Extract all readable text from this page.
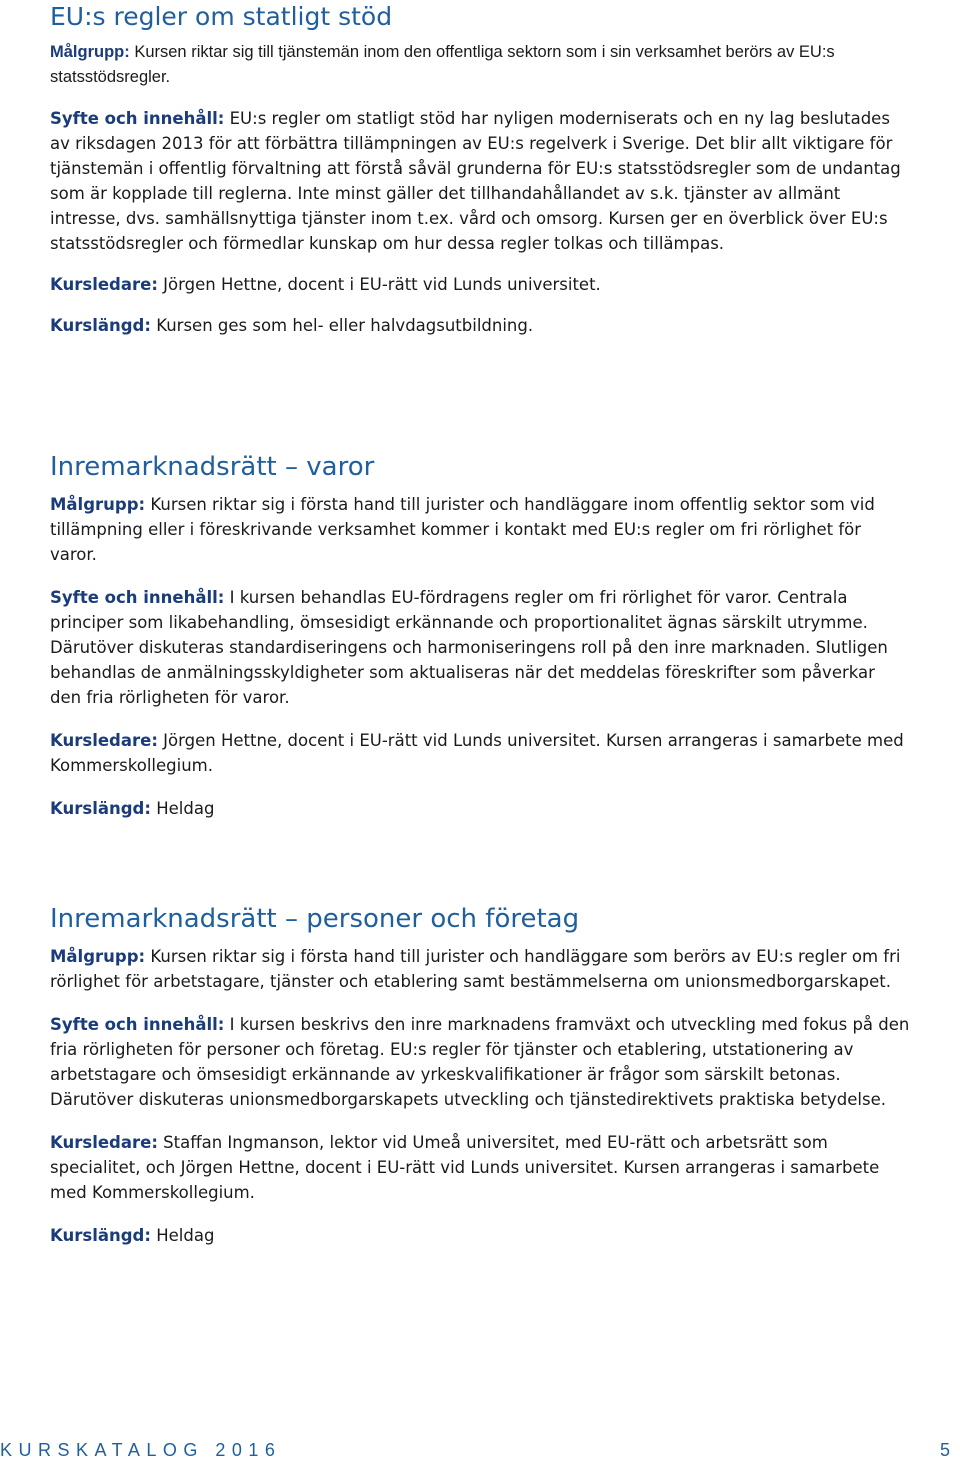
EU:s regler om statligt stöd

Målgrupp: Kursen riktar sig till tjänstemän inom den offentliga sektorn som i sin verksamhet berörs av EU:s statsstödsregler.

Syfte och innehåll: EU:s regler om statligt stöd har nyligen moderniserats och en ny lag beslutades av riksdagen 2013 för att förbättra tillämpningen av EU:s regelverk i Sverige. Det blir allt viktigare för tjänstemän i offentlig förvaltning att förstå såväl grunderna för EU:s statsstödsregler som de undantag som är kopplade till reglerna. Inte minst gäller det tillhandahållandet av s.k. tjänster av allmänt intresse, dvs. samhällsnyttiga tjänster inom t.ex. vård och omsorg. Kursen ger en överblick över EU:s statsstödsregler och förmedlar kunskap om hur dessa regler tolkas och tillämpas.

Kursledare: Jörgen Hettne, docent i EU-rätt vid Lunds universitet.

Kurslängd: Kursen ges som hel- eller halvdagsutbildning.

Inremarknadsrätt – varor

Målgrupp: Kursen riktar sig i första hand till jurister och handläggare inom offentlig sektor som vid tillämpning eller i föreskrivande verksamhet kommer i kontakt med EU:s regler om fri rörlighet för varor.

Syfte och innehåll: I kursen behandlas EU-fördragens regler om fri rörlighet för varor. Centrala principer som likabehandling, ömsesidigt erkännande och proportionalitet ägnas särskilt utrymme. Därutöver diskuteras standardiseringens och harmoniseringens roll på den inre marknaden. Slutligen behandlas de anmälningsskyldigheter som aktualiseras när det meddelas föreskrifter som påverkar den fria rörligheten för varor.

Kursledare: Jörgen Hettne, docent i EU-rätt vid Lunds universitet. Kursen arrangeras i samarbete med Kommerskollegium.

Kurslängd: Heldag

Inremarknadsrätt – personer och företag

Målgrupp: Kursen riktar sig i första hand till jurister och handläggare som berörs av EU:s regler om fri rörlighet för arbetstagare, tjänster och etablering samt bestämmelserna om unionsmedborgarskapet.

Syfte och innehåll: I kursen beskrivs den inre marknadens framväxt och utveckling med fokus på den fria rörligheten för personer och företag. EU:s regler för tjänster och etablering, utstationering av arbetstagare och ömsesidigt erkännande av yrkeskvalifikationer är frågor som särskilt betonas. Därutöver diskuteras unionsmedborgarskapets utveckling och tjänstedirektivets praktiska betydelse.

Kursledare: Staffan Ingmanson, lektor vid Umeå universitet, med EU-rätt och arbetsrätt som specialitet, och Jörgen Hettne, docent i EU-rätt vid Lunds universitet. Kursen arrangeras i samarbete med Kommerskollegium.

Kurslängd: Heldag

KURSKATALOG 2016	5
